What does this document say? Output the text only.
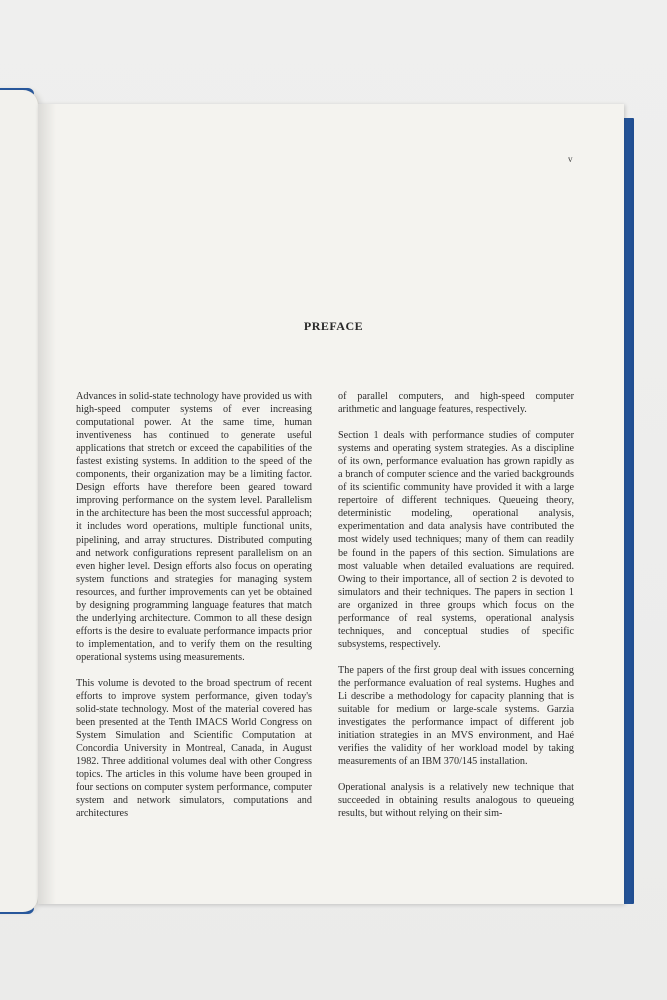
v
PREFACE

Advances in solid-state technology have provided us with high-speed computer systems of ever increasing computational power. At the same time, human inventiveness has continued to generate useful applications that stretch or exceed the capabilities of the fastest existing systems. In addition to the speed of the components, their organization may be a limiting factor. Design efforts have therefore been geared toward improving performance on the system level. Parallelism in the architecture has been the most successful approach; it includes word operations, multiple functional units, pipelining, and array structures. Distributed computing and network configurations represent parallelism on an even higher level. Design efforts also focus on operating system functions and strategies for managing system resources, and further improvements can yet be obtained by designing programming language features that match the underlying architecture. Common to all these design efforts is the desire to evaluate performance impacts prior to implementation, and to verify them on the resulting operational systems using measurements.

This volume is devoted to the broad spectrum of recent efforts to improve system performance, given today's solid-state technology. Most of the material covered has been presented at the Tenth IMACS World Congress on System Simulation and Scientific Computation at Concordia University in Montreal, Canada, in August 1982. Three additional volumes deal with other Congress topics. The articles in this volume have been grouped in four sections on computer system performance, computer system and network simulators, computations and architectures

of parallel computers, and high-speed computer arithmetic and language features, respectively.

Section 1 deals with performance studies of computer systems and operating system strategies. As a discipline of its own, performance evaluation has grown rapidly as a branch of computer science and the varied backgrounds of its scientific community have provided it with a large repertoire of different techniques. Queueing theory, deterministic modeling, operational analysis, experimentation and data analysis have contributed the most widely used techniques; many of them can readily be found in the papers of this section. Simulations are most valuable when detailed evaluations are required. Owing to their importance, all of section 2 is devoted to simulators and their techniques. The papers in section 1 are organized in three groups which focus on the performance of real systems, operational analysis techniques, and conceptual studies of specific subsystems, respectively.

The papers of the first group deal with issues concerning the performance evaluation of real systems. Hughes and Li describe a methodology for capacity planning that is suitable for medium or large-scale systems. Garzia investigates the performance impact of different job initiation strategies in an MVS environment, and Haé verifies the validity of her workload model by taking measurements of an IBM 370/145 installation.

Operational analysis is a relatively new technique that succeeded in obtaining results analogous to queueing results, but without relying on their sim-
